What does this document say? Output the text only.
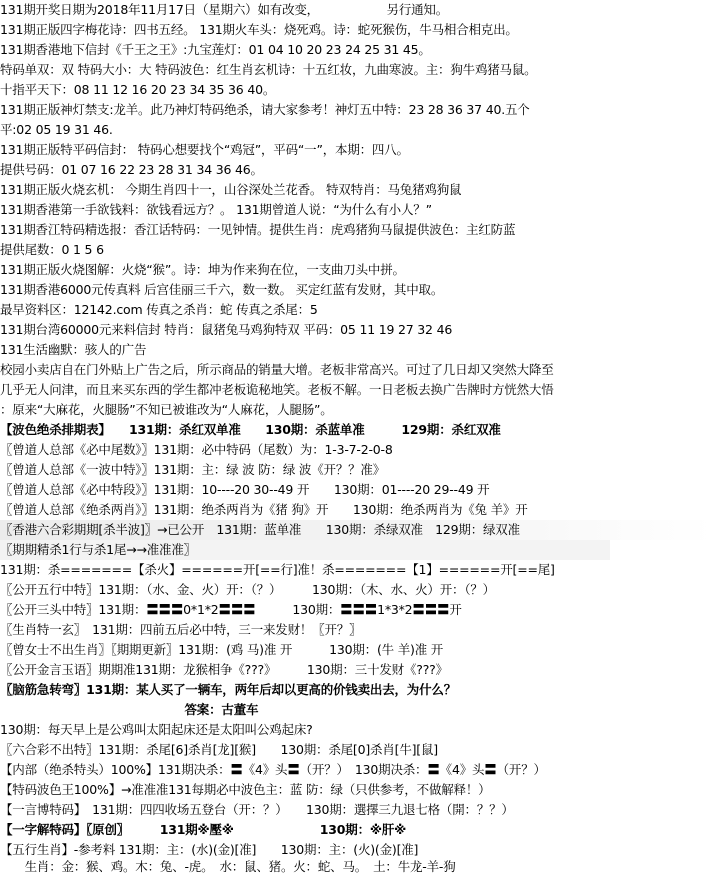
131期开奖日期为2018年11月17日（星期六）如有改变，　　　　　　另行通知。
131期正版四字梅花诗：四书五经。 131期火车头：烧死鸡。诗：蛇死猴伤，牛马相合相克出。
131期香港地下信封《千王之王》:九宝莲灯：01 04 10 20 23 24 25 31 45。
特码单双：双 特码大小：大 特码波色：红生肖玄机诗：十五红妆，九曲寒波。主：狗牛鸡猪马鼠。
十指平天下：08 11 12 16 20 23 34 35 36 40。
131期正版神灯禁支:龙羊。此乃神灯特码绝杀，请大家参考！神灯五中特：23 28 36 37 40.五个
平:02 05 19 31 46.
131期正版特平码信封： 特码心想要找个“鸡冠”，平码“一”，本期：四八。
提供号码：01 07 16 22 23 28 31 34 36 46。
131期正版火烧玄机： 今期生肖四十一，山谷深处兰花香。 特双特肖：马兔猪鸡狗鼠
131期香港第一手欲钱料：欲钱看远方？。 131期曾道人说：“为什么有小人？”
131期香江特码精选报：香江话特码：一见钟情。提供生肖：虎鸡猪狗马鼠提供波色：主红防蓝
提供尾数：0 1 5 6
131期正版火烧图解：火烧“猴”。诗：坤为作来狗在位，一支曲刀头中拼。
131期香港6000元传真料 后宫佳丽三千六，数一数。 买定红蓝有发财，其中取。
最早资料区：12142.com 传真之杀肖：蛇 传真之杀尾：5
131期台湾60000元来料信封 特肖：鼠猪兔马鸡狗特双 平码：05 11 19 27 32 46
131生活幽默：骇人的广告
校园小卖店自在门外贴上广告之后，所示商品的销量大增。老板非常高兴。可过了几日却又突然大降至
几乎无人问津，而且来买东西的学生都冲老板诡秘地笑。老板不解。一日老板去换广告牌时方恍然大悟
：原来“大麻花，火腿肠”不知已被谁改为“人麻花，人腿肠”。
【波色绝杀排期表】　　131期：杀红双单准　　130期：杀蓝单准　　　129期：杀红双准
〖曾道人总部《必中尾数》〗131期：必中特码（尾数）为：1-3-7-2-0-8
〖曾道人总部《一波中特》〗131期：主：绿 波 防：绿 波《开？？准》
〖曾道人总部《必中特段》〗131期：10----20 30--49 开　　130期：01----20 29--49 开
〖曾道人总部《绝杀两肖》〗131期：绝杀两肖为《猪 狗》开　　130期：绝杀两肖为《兔 羊》开
〖香港六合彩期期[杀半波]〗→已公开　131期：蓝单准　　130期：杀绿双准　129期：绿双准
〖期期精杀1行与杀1尾→→准准准〗
131期：杀=======【杀火】======开[==行]准！杀=======【1】======开[==尾]
〖公开五行中特〗131期：（水、金、火）开：（？）　　　130期：（木、水、火）开：（？）
〖公开三头中特〗131期：〓〓〓0*1*2〓〓〓　　　130期：〓〓〓1*3*2〓〓〓开
〖生肖特一玄〗　131期：四前五后必中特，三一来发财！〖开？〗
〖曾女士不出生肖〗〖期期更新〗131期：(鸡 马)准 开　　　130期：(牛 羊)准 开
〖公开金言玉语〗期期准131期：龙猴相争《???》　　　130期：三十发财《???》
〖脑筋急转弯〗131期：某人买了一辆车，两年后却以更高的价钱卖出去，为什么？
　　　　　　　　　　　　　　　答案：古董车
130期：每天早上是公鸡叫太阳起床还是太阳叫公鸡起床?
〖六合彩不出特〗131期：杀尾[6]杀肖[龙][猴]　　130期：杀尾[0]杀肖[牛][鼠]
【内部（绝杀特头）100%】131期决杀：〓《4》头〓（开？）　130期决杀：〓《4》头〓（开？）
【特码波色王100%】→准准准131每期必中波色主：蓝 防：绿（只供参考，不做解释！）
【一言博特码】　131期：四四收场五登台（开：？）　　130期：選擇三九退七格（開：？？）
【一字解特码】〖原创〗　　　131期※壓※　　　　　　　130期：※肝※
【五行生肖】-参考料 131期：主：(水)(金)[准]　　130期：主：(火)(金)[准]
　　生肖：金：猴、鸡。木：兔、-虎。　水：鼠、猪。火：蛇、马。　土：牛龙-羊-狗
